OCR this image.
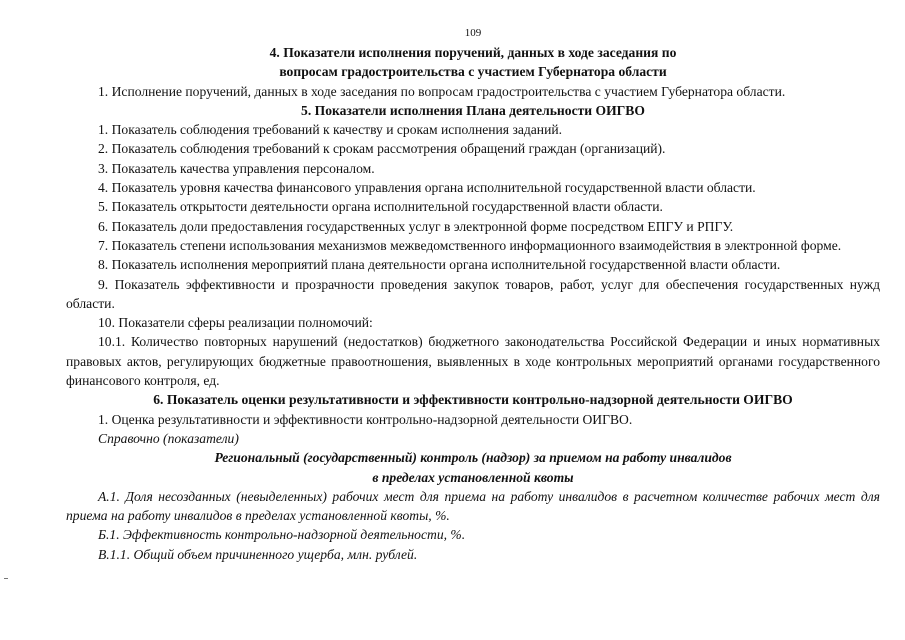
109

4. Показатели исполнения поручений, данных в ходе заседания по

вопросам градостроительства с участием Губернатора области

1. Исполнение поручений, данных в ходе заседания по вопросам градостроительства с участием Губернатора области.

5. Показатели исполнения Плана деятельности ОИГВО

1. Показатель соблюдения требований к качеству и срокам исполнения заданий.

2. Показатель соблюдения требований к срокам рассмотрения обращений граждан (организаций).

3. Показатель качества управления персоналом.

4. Показатель уровня качества финансового управления органа исполнительной государственной власти области.

5. Показатель открытости деятельности органа исполнительной государственной власти области.

6. Показатель доли предоставления государственных услуг в электронной форме посредством ЕПГУ и РПГУ.

7. Показатель степени использования механизмов межведомственного информационного взаимодействия в электронной форме.

8. Показатель исполнения мероприятий плана деятельности органа исполнительной государственной власти области.

9. Показатель эффективности и прозрачности проведения закупок товаров, работ, услуг для обеспечения государственных нужд области.

10. Показатели сферы реализации полномочий:

10.1. Количество повторных нарушений (недостатков) бюджетного законодательства Российской Федерации и иных нормативных правовых актов, регулирующих бюджетные правоотношения, выявленных в ходе контрольных мероприятий органами государственного финансового контроля, ед.

6. Показатель оценки результативности и эффективности контрольно-надзорной деятельности ОИГВО

1. Оценка результативности и эффективности контрольно-надзорной деятельности ОИГВО.

Справочно (показатели)

Региональный (государственный) контроль (надзор) за приемом на работу инвалидов

в пределах установленной квоты

А.1. Доля несозданных (невыделенных) рабочих мест для приема на работу инвалидов в расчетном количестве рабочих мест для приема на работу инвалидов в пределах установленной квоты, %.

Б.1. Эффективность контрольно-надзорной деятельности, %.

В.1.1. Общий объем причиненного ущерба, млн. рублей.
